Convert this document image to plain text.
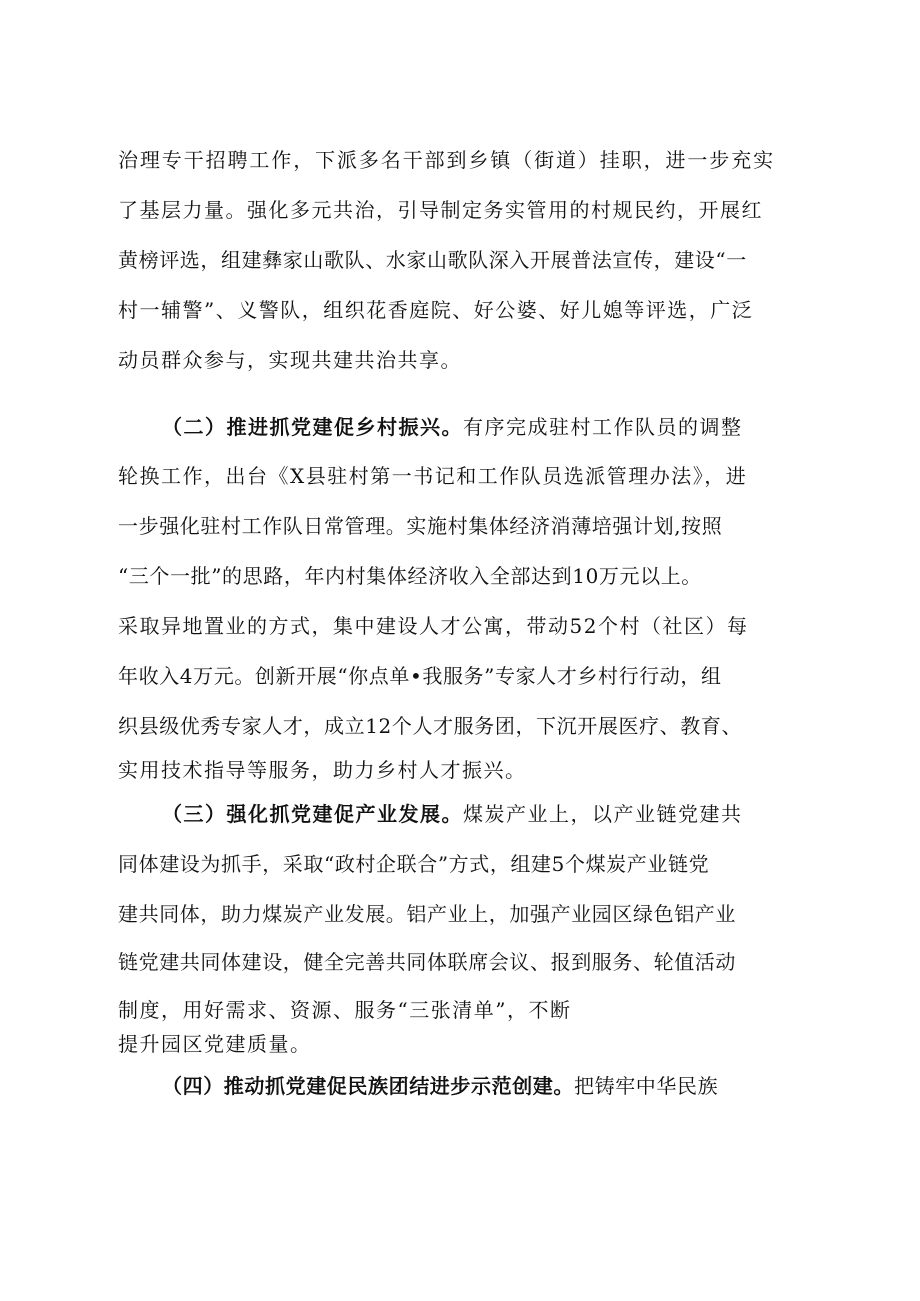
治理专干招聘工作，下派多名干部到乡镇（街道）挂职，进一步充实
了基层力量。强化多元共治，引导制定务实管用的村规民约，开展红
黄榜评选，组建彝家山歌队、水家山歌队深入开展普法宣传，建设“一
村一辅警”、义警队，组织花香庭院、好公婆、好儿媳等评选，广泛
动员群众参与，实现共建共治共享。
（二）推进抓党建促乡村振兴。有序完成驻村工作队员的调整
轮换工作，出台《X县驻村第一书记和工作队员选派管理办法》，进
一步强化驻村工作队日常管理。实施村集体经济消薄培强计划,按照
“三个一批”的思路，年内村集体经济收入全部达到10万元以上。
采取异地置业的方式，集中建设人才公寓，带动52个村（社区）每
年收入4万元。创新开展“你点单•我服务”专家人才乡村行行动，组
织县级优秀专家人才，成立12个人才服务团，下沉开展医疗、教育、
实用技术指导等服务，助力乡村人才振兴。
（三）强化抓党建促产业发展。煤炭产业上，以产业链党建共
同体建设为抓手，采取“政村企联合”方式，组建5个煤炭产业链党
建共同体，助力煤炭产业发展。铝产业上，加强产业园区绿色铝产业
链党建共同体建设，健全完善共同体联席会议、报到服务、轮值活动
制度，用好需求、资源、服务“三张清单”，不断
提升园区党建质量。
（四）推动抓党建促民族团结进步示范创建。把铸牢中华民族
